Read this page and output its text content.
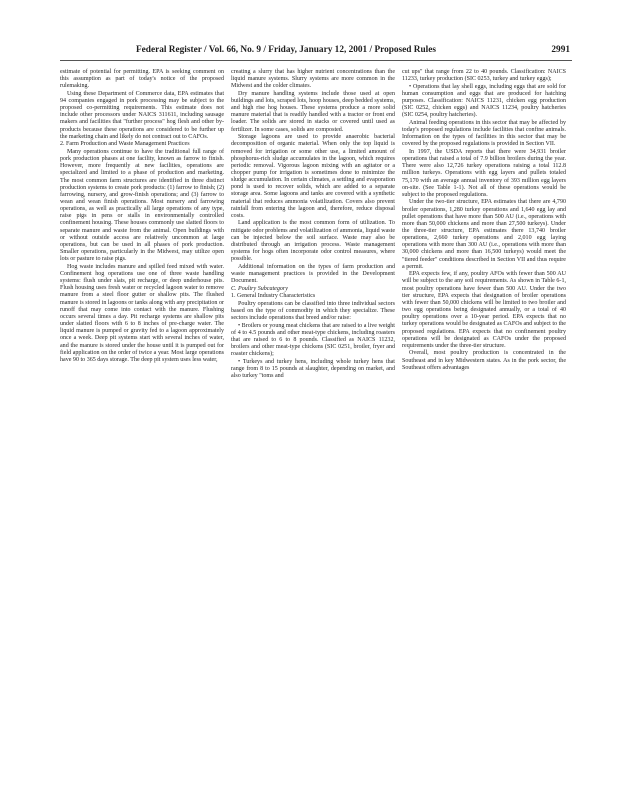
Federal Register / Vol. 66, No. 9 / Friday, January 12, 2001 / Proposed Rules	2991

estimate of potential for permitting. EPA is seeking comment on this assumption as part of today's notice of the proposed rulemaking.

Using these Department of Commerce data, EPA estimates that 94 companies engaged in pork processing may be subject to the proposed co-permitting requirements. This estimate does not include other processors under NAICS 311611, including sausage makers and facilities that "further process" hog flesh and other by-products because these operations are considered to be further up the marketing chain and likely do not contract out to CAFOs.

2. Farm Production and Waste Management Practices

Many operations continue to have the traditional full range of pork production phases at one facility, known as farrow to finish. However, more frequently at new facilities, operations are specialized and limited to a phase of production and marketing. The most common farm structures are identified in three distinct production systems to create pork products: (1) farrow to finish; (2) farrowing, nursery, and grow-finish operations; and (3) farrow to wean and wean finish operations. Most nursery and farrowing operations, as well as practically all large operations of any type, raise pigs in pens or stalls in environmentally controlled confinement housing. These houses commonly use slatted floors to separate manure and waste from the animal. Open buildings with or without outside access are relatively uncommon at large operations, but can be used in all phases of pork production. Smaller operations, particularly in the Midwest, may utilize open lots or pasture to raise pigs.

Hog waste includes manure and spilled feed mixed with water. Confinement hog operations use one of three waste handling systems: flush under slats, pit recharge, or deep underhouse pits. Flush housing uses fresh water or recycled lagoon water to remove manure from a steel floor gutter or shallow pits. The flushed manure is stored in lagoons or tanks along with any precipitation or runoff that may come into contact with the manure. Flushing occurs several times a day. Pit recharge systems are shallow pits under slatted floors with 6 to 8 inches of pre-charge water. The liquid manure is pumped or gravity fed to a lagoon approximately once a week. Deep pit systems start with several inches of water, and the manure is stored under the house until it is pumped out for field application on the order of twice a year. Most large operations have 90 to 365 days storage. The deep pit system uses less water,

creating a slurry that has higher nutrient concentrations than the liquid manure systems. Slurry systems are more common in the Midwest and the colder climates.

Dry manure handling systems include those used at open buildings and lots, scraped lots, hoop houses, deep bedded systems, and high rise hog houses. These systems produce a more solid manure material that is readily handled with a tractor or front end loader. The solids are stored in stacks or covered until used as fertilizer. In some cases, solids are composted.

Storage lagoons are used to provide anaerobic bacterial decomposition of organic material. When only the top liquid is removed for irrigation or some other use, a limited amount of phosphorus-rich sludge accumulates in the lagoon, which requires periodic removal. Vigorous lagoon mixing with an agitator or a chopper pump for irrigation is sometimes done to minimize the sludge accumulation. In certain climates, a settling and evaporation pond is used to recover solids, which are added to a separate storage area. Some lagoons and tanks are covered with a synthetic material that reduces ammonia volatilization. Covers also prevent rainfall from entering the lagoon and, therefore, reduce disposal costs.

Land application is the most common form of utilization. To mitigate odor problems and volatilization of ammonia, liquid waste can be injected below the soil surface. Waste may also be distributed through an irrigation process. Waste management systems for hogs often incorporate odor control measures, where possible.

Additional information on the types of farm production and waste management practices is provided in the Development Document.

C. Poultry Subcategory

1. General Industry Characteristics

Poultry operations can be classified into three individual sectors based on the type of commodity in which they specialize. These sectors include operations that breed and/or raise:

• Broilers or young meat chickens that are raised to a live weight of 4 to 4.5 pounds and other meat-type chickens, including roasters that are raised to 6 to 8 pounds. Classified as NAICS 11232, broilers and other meat-type chickens (SIC 0251, broiler, fryer and roaster chickens);

• Turkeys and turkey hens, including whole turkey hens that range from 8 to 15 pounds at slaughter, depending on market, and also turkey "toms and

cut ups" that range from 22 to 40 pounds. Classification: NAICS 11233, turkey production (SIC 0253, turkey and turkey eggs);

• Operations that lay shell eggs, including eggs that are sold for human consumption and eggs that are produced for hatching purposes. Classification: NAICS 11231, chicken egg production (SIC 0252, chicken eggs) and NAICS 11234, poultry hatcheries (SIC 0254, poultry hatcheries).

Animal feeding operations in this sector that may be affected by today's proposed regulations include facilities that confine animals. Information on the types of facilities in this sector that may be covered by the proposed regulations is provided in Section VII.

In 1997, the USDA reports that there were 34,931 broiler operations that raised a total of 7.9 billion broilers during the year. There were also 12,726 turkey operations raising a total 112.8 million turkeys. Operations with egg layers and pullets totaled 75,170 with an average annual inventory of 393 million egg layers on-site. (See Table 1-1). Not all of these operations would be subject to the proposed regulations.

Under the two-tier structure, EPA estimates that there are 4,790 broiler operations, 1,280 turkey operations and 1,640 egg lay and pullet operations that have more than 500 AU (i.e., operations with more than 50,000 chickens and more than 27,500 turkeys). Under the three-tier structure, EPA estimates there 13,740 broiler operations, 2,660 turkey operations and 2,010 egg laying operations with more than 300 AU (i.e., operations with more than 30,000 chickens and more than 16,500 turkeys) would meet the "tiered feeder" conditions described in Section VII and thus require a permit.

EPA expects few, if any, poultry AFOs with fewer than 500 AU will be subject to the any soil requirements. As shown in Table 6-1, most poultry operations have fewer than 500 AU. Under the two tier structure, EPA expects that designation of broiler operations with fewer than 50,000 chickens will be limited to two broiler and two egg operations being designated annually, or a total of 40 poultry operations over a 10-year period. EPA expects that no turkey operations would be designated as CAFOs and subject to the proposed regulations. EPA expects that no confinement poultry operations will be designated as CAFOs under the proposed requirements under the three-tier structure.

Overall, most poultry production is concentrated in the Southeast and in key Midwestern states. As in the pork sector, the Southeast offers advantages
